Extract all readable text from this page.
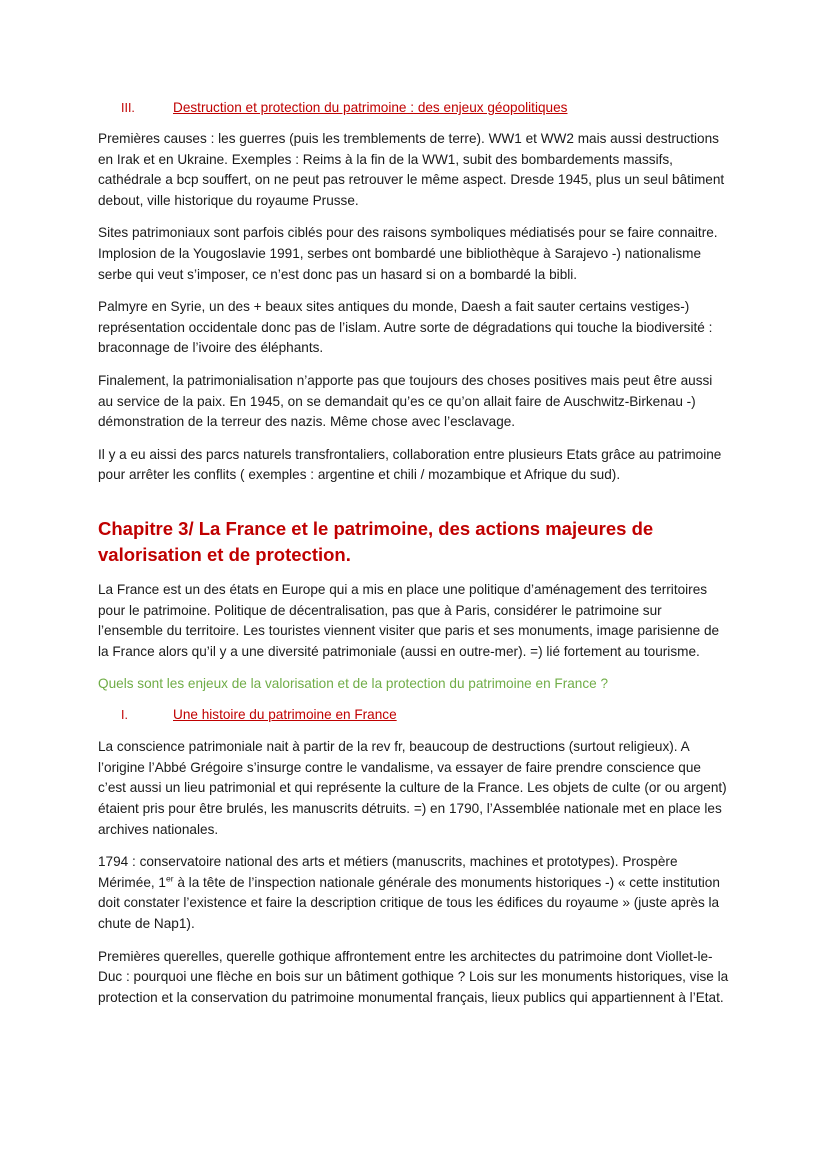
III.	Destruction et protection du patrimoine : des enjeux géopolitiques

Premières causes : les guerres (puis les tremblements de terre). WW1 et WW2 mais aussi destructions en Irak et en Ukraine. Exemples : Reims à la fin de la WW1, subit des bombardements massifs, cathédrale a bcp souffert, on ne peut pas retrouver le même aspect. Dresde 1945, plus un seul bâtiment debout, ville historique du royaume Prusse.

Sites patrimoniaux sont parfois ciblés pour des raisons symboliques médiatisés pour se faire connaitre. Implosion de la Yougoslavie 1991, serbes ont bombardé une bibliothèque à Sarajevo -) nationalisme serbe qui veut s’imposer, ce n’est donc pas un hasard si on a bombardé la bibli.

Palmyre en Syrie, un des + beaux sites antiques du monde, Daesh a fait sauter certains vestiges-) représentation occidentale donc pas de l’islam. Autre sorte de dégradations qui touche la biodiversité : braconnage de l’ivoire des éléphants.

Finalement, la patrimonialisation n’apporte pas que toujours des choses positives mais peut être aussi au service de la paix. En 1945, on se demandait qu’es ce qu’on allait faire de Auschwitz-Birkenau -) démonstration de la terreur des nazis. Même chose avec l’esclavage.

Il y a eu aissi des parcs naturels transfrontaliers, collaboration entre plusieurs Etats grâce au patrimoine pour arrêter les conflits ( exemples : argentine et chili / mozambique et Afrique du sud).

Chapitre 3/ La France et le patrimoine, des actions majeures de valorisation et de protection.

La France est un des états en Europe qui a mis en place une politique d’aménagement des territoires pour le patrimoine. Politique de décentralisation, pas que à Paris, considérer le patrimoine sur l’ensemble du territoire. Les touristes viennent visiter que paris et ses monuments, image parisienne de la France alors qu’il y a une diversité patrimoniale (aussi en outre-mer). =) lié fortement au tourisme.

Quels sont les enjeux de la valorisation et de la protection du patrimoine en France ?
I.	Une histoire du patrimoine en France

La conscience patrimoniale nait à partir de la rev fr, beaucoup de destructions (surtout religieux). A l’origine l’Abbé Grégoire s’insurge contre le vandalisme, va essayer de faire prendre conscience que c’est aussi un lieu patrimonial et qui représente la culture de la France. Les objets de culte (or ou argent) étaient pris pour être brulés, les manuscrits détruits. =) en 1790, l’Assemblée nationale met en place les archives nationales.

1794 : conservatoire national des arts et métiers (manuscrits, machines et prototypes). Prospère Mérimée, 1er à la tête de l’inspection nationale générale des monuments historiques -) « cette institution doit constater l’existence et faire la description critique de tous les édifices du royaume » (juste après la chute de Nap1).

Premières querelles, querelle gothique affrontement entre les architectes du patrimoine dont Viollet-le-Duc : pourquoi une flèche en bois sur un bâtiment gothique ? Lois sur les monuments historiques, vise la protection et la conservation du patrimoine monumental français, lieux publics qui appartiennent à l’Etat.
